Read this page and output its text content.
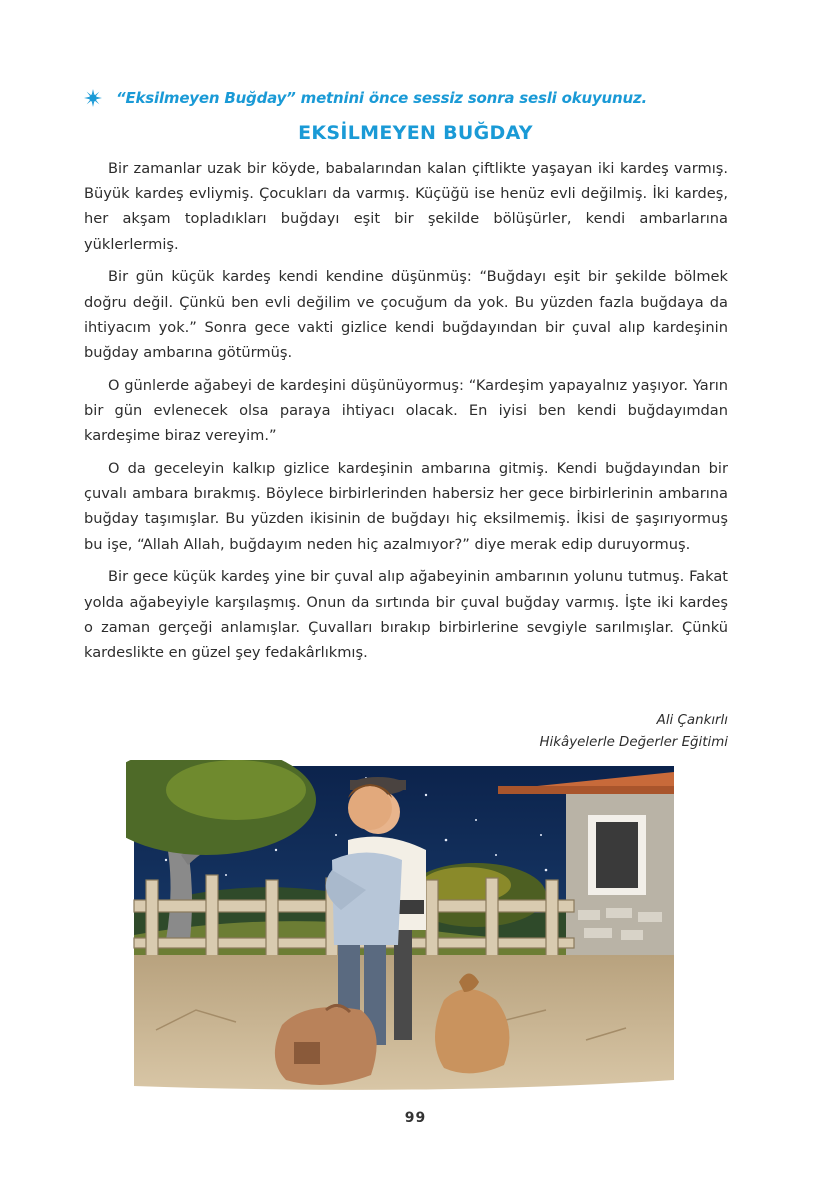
“Eksilmeyen Buğday” metnini önce sessiz sonra sesli okuyunuz.
EKSİLMEYEN BUĞDAY

Bir zamanlar uzak bir köyde, babalarından kalan çiftlikte yaşayan iki kardeş varmış. Büyük kardeş evliymiş. Çocukları da varmış. Küçüğü ise henüz evli değilmiş. İki kardeş, her akşam topladıkları buğdayı eşit bir şekilde bölüşürler, kendi ambarlarına yüklerlermiş.

Bir gün küçük kardeş kendi kendine düşünmüş: “Buğdayı eşit bir şekilde bölmek doğru değil. Çünkü ben evli değilim ve çocuğum da yok. Bu yüzden fazla buğdaya da ihtiyacım yok.” Sonra gece vakti gizlice kendi buğdayından bir çuval alıp kardeşinin buğday ambarına götürmüş.

O günlerde ağabeyi de kardeşini düşünüyormuş: “Kardeşim yapayalnız yaşıyor. Yarın bir gün evlenecek olsa paraya ihtiyacı olacak. En iyisi ben kendi buğdayımdan kardeşime biraz vereyim.”

O da geceleyin kalkıp gizlice kardeşinin ambarına gitmiş. Kendi buğdayından bir çuvalı ambara bırakmış. Böylece birbirlerinden habersiz her gece birbirlerinin ambarına buğday taşımışlar. Bu yüzden ikisinin de buğdayı hiç eksilmemiş. İkisi de şaşırıyormuş bu işe, “Allah Allah, buğdayım neden hiç azalmıyor?” diye merak edip duruyormuş.

Bir gece küçük kardeş yine bir çuval alıp ağabeyinin ambarının yolunu tutmuş. Fakat yolda ağabeyiyle karşılaşmış. Onun da sırtında bir çuval buğday varmış. İşte iki kardeş o zaman gerçeği anlamışlar. Çuvalları bırakıp birbirlerine sevgiyle sarılmışlar. Çünkü kardeslikte en güzel şey fedakârlıkmış.

Ali Çankırlı
Hikâyelerle Değerler Eğitimi
99
